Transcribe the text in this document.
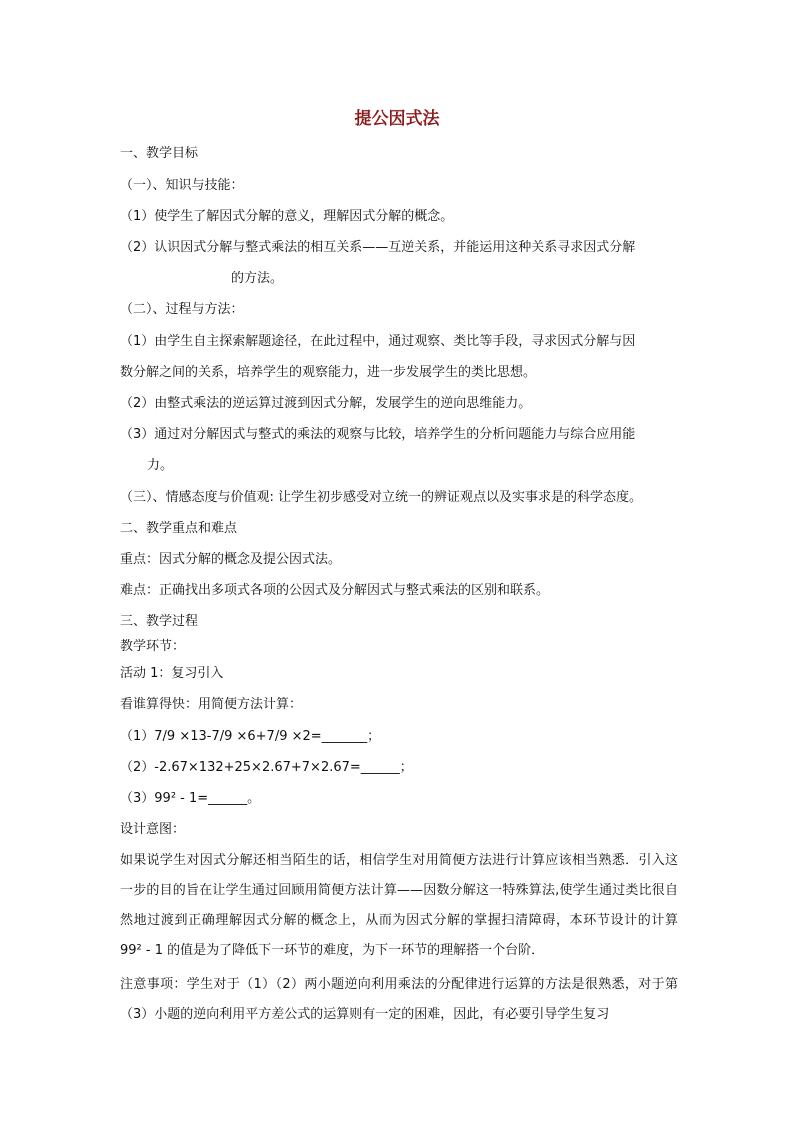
提公因式法
一、教学目标
（一）、知识与技能：
（1）使学生了解因式分解的意义，理解因式分解的概念。
（2）认识因式分解与整式乘法的相互关系——互逆关系，并能运用这种关系寻求因式分解
的方法。
（二）、过程与方法：
（1）由学生自主探索解题途径，在此过程中，通过观察、类比等手段，寻求因式分解与因
数分解之间的关系，培养学生的观察能力，进一步发展学生的类比思想。
（2）由整式乘法的逆运算过渡到因式分解，发展学生的逆向思维能力。
（3）通过对分解因式与整式的乘法的观察与比较，培养学生的分析问题能力与综合应用能
力。
（三）、情感态度与价值观: 让学生初步感受对立统一的辨证观点以及实事求是的科学态度。
二、教学重点和难点
重点：因式分解的概念及提公因式法。
难点：正确找出多项式各项的公因式及分解因式与整式乘法的区别和联系。
三、教学过程
教学环节：
活动 1：复习引入
看谁算得快：用简便方法计算：
（1）7/9 ×13-7/9 ×6+7/9 ×2=_______；
（2）-2.67×132+25×2.67+7×2.67=______；
（3）99² - 1=______。
设计意图：
如果说学生对因式分解还相当陌生的话，相信学生对用简便方法进行计算应该相当熟悉．引入这一步的目的旨在让学生通过回顾用简便方法计算——因数分解这一特殊算法,使学生通过类比很自然地过渡到正确理解因式分解的概念上，从而为因式分解的掌握扫清障碍，本环节设计的计算 99² - 1 的值是为了降低下一环节的难度，为下一环节的理解搭一个台阶．
注意事项：学生对于（1）（2）两小题逆向利用乘法的分配律进行运算的方法是很熟悉，对于第（3）小题的逆向利用平方差公式的运算则有一定的困难，因此，有必要引导学生复习
